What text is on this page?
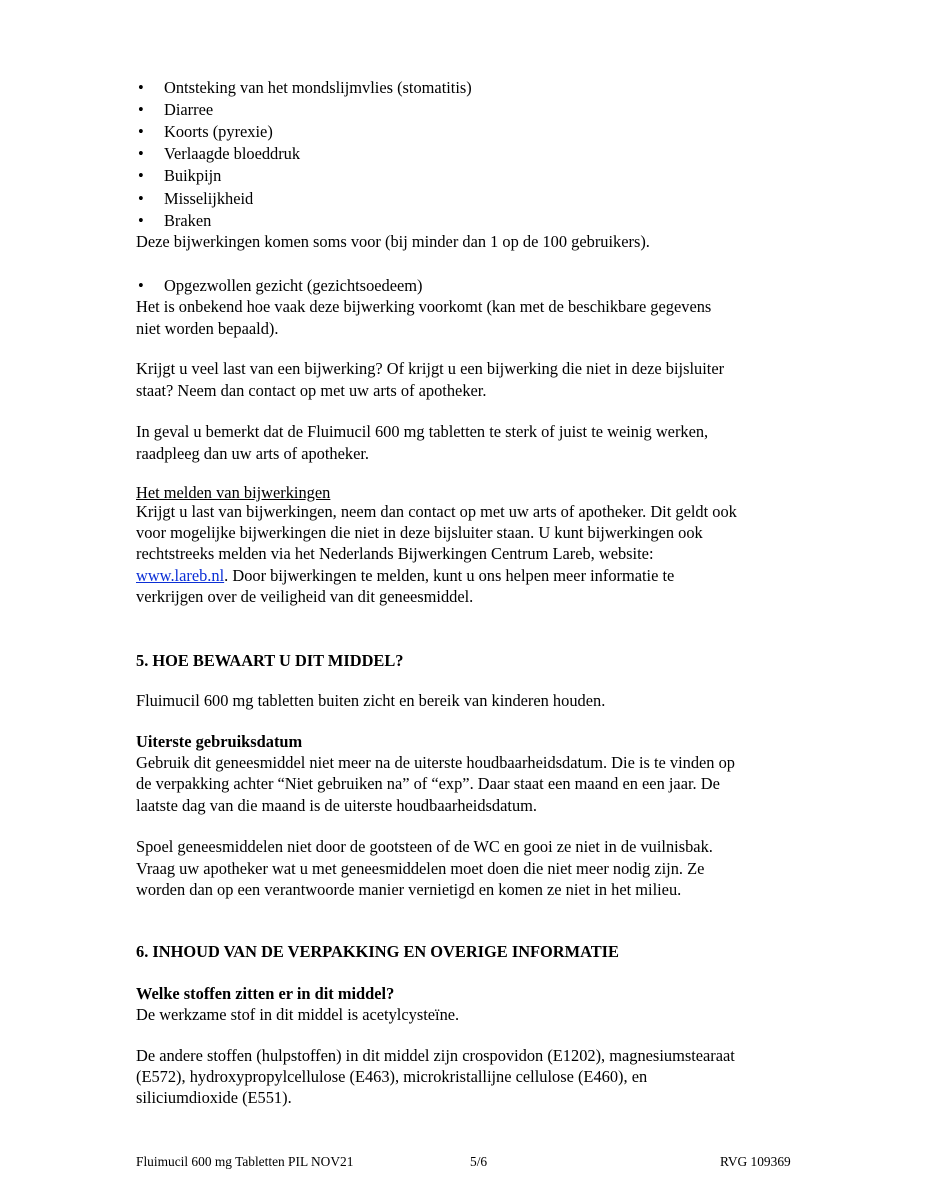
• Ontsteking van het mondslijmvlies (stomatitis)
• Diarree
• Koorts (pyrexie)
• Verlaagde bloeddruk
• Buikpijn
• Misselijkheid
• Braken
Deze bijwerkingen komen soms voor (bij minder dan 1 op de 100 gebruikers).
• Opgezwollen gezicht (gezichtsoedeem)
Het is onbekend hoe vaak deze bijwerking voorkomt (kan met de beschikbare gegevens
niet worden bepaald).
Krijgt u veel last van een bijwerking? Of krijgt u een bijwerking die niet in deze bijsluiter
staat? Neem dan contact op met uw arts of apotheker.
In geval u bemerkt dat de Fluimucil 600 mg tabletten te sterk of juist te weinig werken,
raadpleeg dan uw arts of apotheker.
Het melden van bijwerkingen
Krijgt u last van bijwerkingen, neem dan contact op met uw arts of apotheker. Dit geldt ook
voor mogelijke bijwerkingen die niet in deze bijsluiter staan. U kunt bijwerkingen ook
rechtstreeks melden via het Nederlands Bijwerkingen Centrum Lareb, website:
www.lareb.nl. Door bijwerkingen te melden, kunt u ons helpen meer informatie te
verkrijgen over de veiligheid van dit geneesmiddel.
5. HOE BEWAART U DIT MIDDEL?
Fluimucil 600 mg tabletten buiten zicht en bereik van kinderen houden.
Uiterste gebruiksdatum
Gebruik dit geneesmiddel niet meer na de uiterste houdbaarheidsdatum. Die is te vinden op
de verpakking achter “Niet gebruiken na” of “exp”. Daar staat een maand en een jaar. De
laatste dag van die maand is de uiterste houdbaarheidsdatum.
Spoel geneesmiddelen niet door de gootsteen of de WC en gooi ze niet in de vuilnisbak.
Vraag uw apotheker wat u met geneesmiddelen moet doen die niet meer nodig zijn. Ze
worden dan op een verantwoorde manier vernietigd en komen ze niet in het milieu.
6. INHOUD VAN DE VERPAKKING EN OVERIGE INFORMATIE
Welke stoffen zitten er in dit middel?
De werkzame stof in dit middel is acetylcysteïne.
De andere stoffen (hulpstoffen) in dit middel zijn crospovidon (E1202), magnesiumstearaat
(E572), hydroxypropylcellulose (E463), microkristallijne cellulose (E460), en
siliciumdioxide (E551).
Fluimucil 600 mg Tabletten PIL NOV21	5/6	RVG 109369
